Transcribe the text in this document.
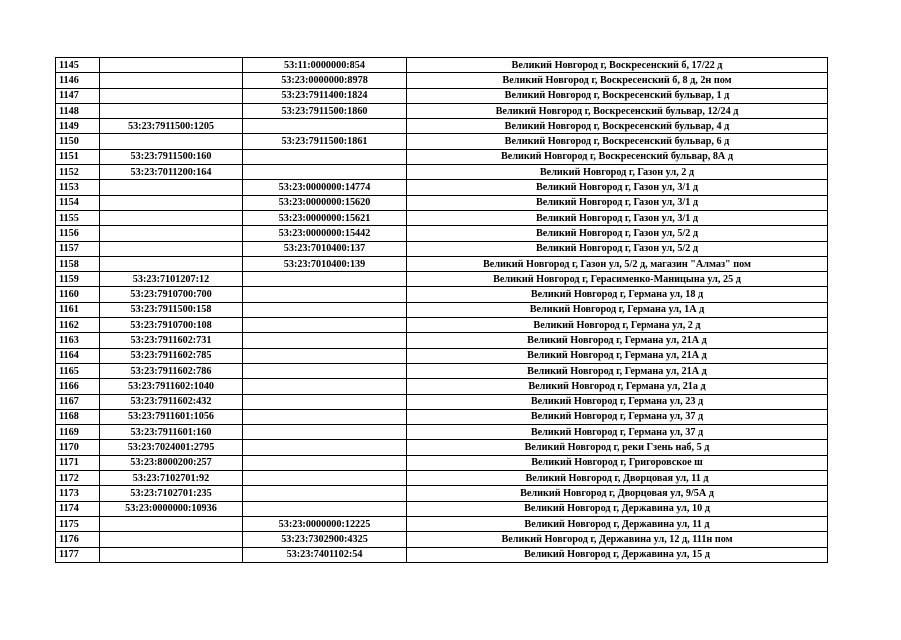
1145		53:11:0000000:854	Великий Новгород г, Воскресенский б, 17/22 д
1146		53:23:0000000:8978	Великий Новгород г, Воскресенский б, 8 д, 2н пом
1147		53:23:7911400:1824	Великий Новгород г, Воскресенский бульвар, 1 д
1148		53:23:7911500:1860	Великий Новгород г, Воскресенский бульвар, 12/24 д
1149	53:23:7911500:1205		Великий Новгород г, Воскресенский бульвар, 4 д
1150		53:23:7911500:1861	Великий Новгород г, Воскресенский бульвар, 6 д
1151	53:23:7911500:160		Великий Новгород г, Воскресенский бульвар, 8А д
1152	53:23:7011200:164		Великий Новгород г, Газон ул, 2 д
1153		53:23:0000000:14774	Великий Новгород г, Газон ул, 3/1 д
1154		53:23:0000000:15620	Великий Новгород г, Газон ул, 3/1 д
1155		53:23:0000000:15621	Великий Новгород г, Газон ул, 3/1 д
1156		53:23:0000000:15442	Великий Новгород г, Газон ул, 5/2 д
1157		53:23:7010400:137	Великий Новгород г, Газон ул, 5/2 д
1158		53:23:7010400:139	Великий Новгород г, Газон ул, 5/2 д, магазин "Алмаз" пом
1159	53:23:7101207:12		Великий Новгород г, Герасименко-Маницына ул, 25 д
1160	53:23:7910700:700		Великий Новгород г, Германа ул, 18 д
1161	53:23:7911500:158		Великий Новгород г, Германа ул, 1А д
1162	53:23:7910700:108		Великий Новгород г, Германа ул, 2 д
1163	53:23:7911602:731		Великий Новгород г, Германа ул, 21А д
1164	53:23:7911602:785		Великий Новгород г, Германа ул, 21А д
1165	53:23:7911602:786		Великий Новгород г, Германа ул, 21А д
1166	53:23:7911602:1040		Великий Новгород г, Германа ул, 21а д
1167	53:23:7911602:432		Великий Новгород г, Германа ул, 23 д
1168	53:23:7911601:1056		Великий Новгород г, Германа ул, 37 д
1169	53:23:7911601:160		Великий Новгород г, Германа ул, 37 д
1170	53:23:7024001:2795		Великий Новгород г, реки Гзень наб, 5 д
1171	53:23:8000200:257		Великий Новгород г, Григоровское ш
1172	53:23:7102701:92		Великий Новгород г, Дворцовая ул, 11 д
1173	53:23:7102701:235		Великий Новгород г, Дворцовая ул, 9/5А д
1174	53:23:0000000:10936		Великий Новгород г, Державина ул, 10 д
1175		53:23:0000000:12225	Великий Новгород г, Державина ул, 11 д
1176		53:23:7302900:4325	Великий Новгород г, Державина ул, 12 д, 111н пом
1177		53:23:7401102:54	Великий Новгород г, Державина ул, 15 д
